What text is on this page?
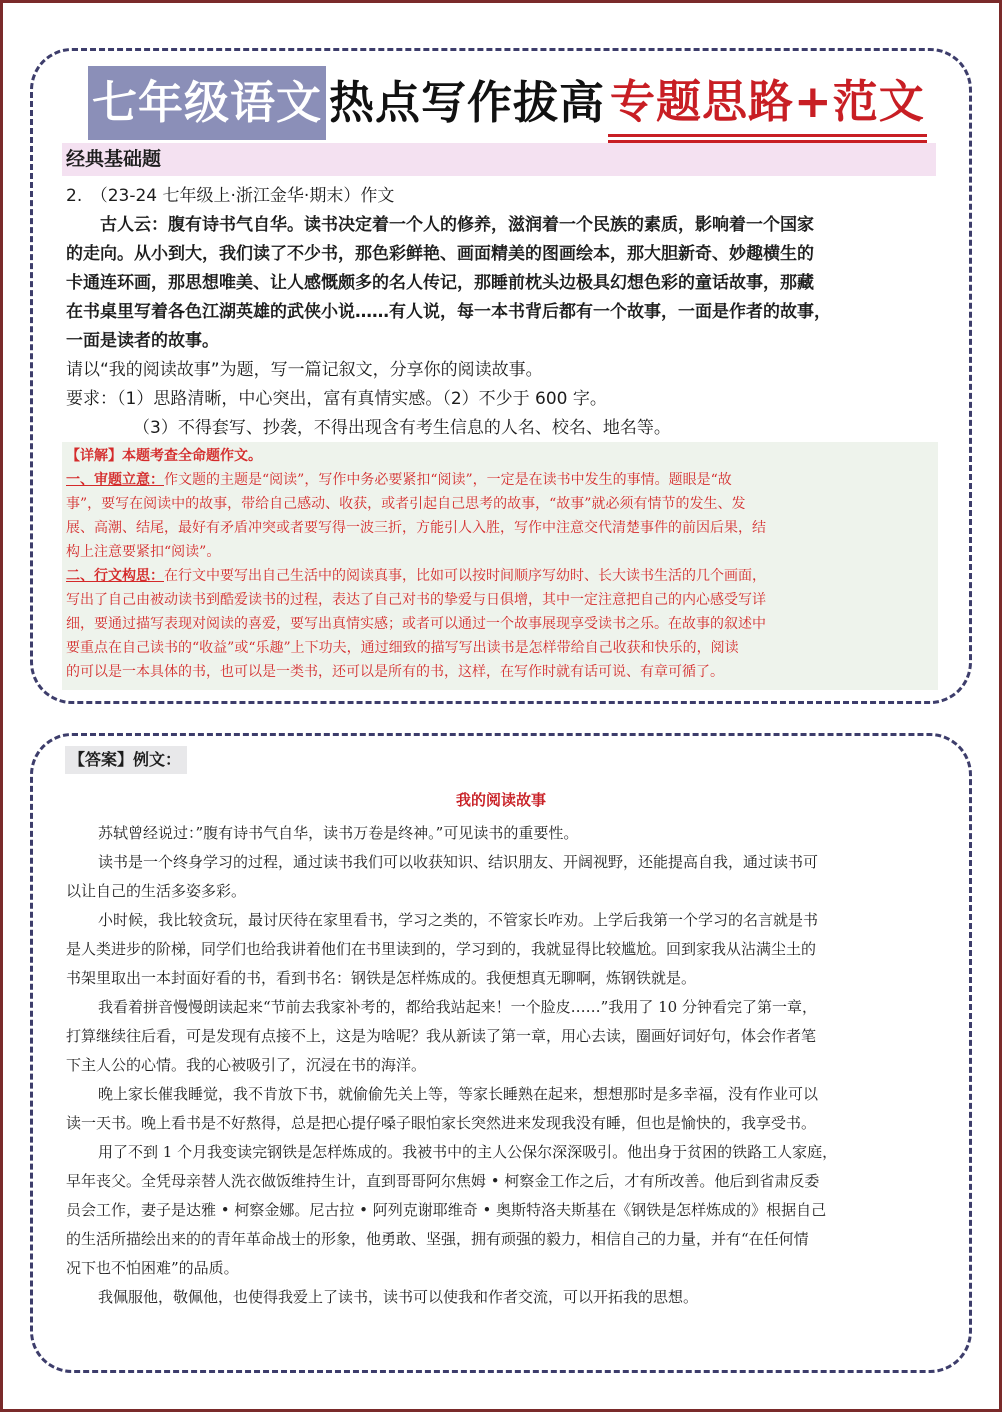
七年级语文 热点写作拔高 专题思路+范文
经典基础题
2.　（23-24 七年级上·浙江金华·期末）作文
古人云：腹有诗书气自华。读书决定着一个人的修养，滋润着一个民族的素质，影响着一个国家
的走向。从小到大，我们读了不少书，那色彩鲜艳、画面精美的图画绘本，那大胆新奇、妙趣横生的
卡通连环画，那思想唯美、让人感慨颇多的名人传记，那睡前枕头边极具幻想色彩的童话故事，那藏
在书桌里写着各色江湖英雄的武侠小说……有人说，每一本书背后都有一个故事，一面是作者的故事，
一面是读者的故事。
请以“我的阅读故事”为题，写一篇记叙文，分享你的阅读故事。
要求：（1）思路清晰，中心突出，富有真情实感。（2）不少于 600 字。
（3）不得套写、抄袭，不得出现含有考生信息的人名、校名、地名等。
【详解】本题考查全命题作文。
一、审题立意：作文题的主题是“阅读”，写作中务必要紧扣“阅读”，一定是在读书中发生的事情。题眼是“故
事”，要写在阅读中的故事，带给自己感动、收获，或者引起自己思考的故事，“故事”就必须有情节的发生、发
展、高潮、结尾，最好有矛盾冲突或者要写得一波三折，方能引人入胜，写作中注意交代清楚事件的前因后果，结
构上注意要紧扣“阅读”。
二、行文构思：在行文中要写出自己生活中的阅读真事，比如可以按时间顺序写幼时、长大读书生活的几个画面，
写出了自己由被动读书到酷爱读书的过程，表达了自己对书的挚爱与日俱增，其中一定注意把自己的内心感受写详
细，要通过描写表现对阅读的喜爱，要写出真情实感；或者可以通过一个故事展现享受读书之乐。在故事的叙述中
要重点在自己读书的“收益”或“乐趣”上下功夫，通过细致的描写写出读书是怎样带给自己收获和快乐的，阅读
的可以是一本具体的书，也可以是一类书，还可以是所有的书，这样，在写作时就有话可说、有章可循了。
【答案】例文：
我的阅读故事
苏轼曾经说过：”腹有诗书气自华，读书万卷是终神。”可见读书的重要性。
读书是一个终身学习的过程，通过读书我们可以收获知识、结识朋友、开阔视野，还能提高自我，通过读书可
以让自己的生活多姿多彩。
小时候，我比较贪玩，最讨厌待在家里看书，学习之类的，不管家长咋劝。上学后我第一个学习的名言就是书
是人类进步的阶梯，同学们也给我讲着他们在书里读到的，学习到的，我就显得比较尴尬。回到家我从沾满尘土的
书架里取出一本封面好看的书，看到书名：钢铁是怎样炼成的。我便想真无聊啊，炼钢铁就是。
我看着拼音慢慢朗读起来“节前去我家补考的，都给我站起来！一个脸皮……”我用了 10 分钟看完了第一章，
打算继续往后看，可是发现有点接不上，这是为啥呢？我从新读了第一章，用心去读，圈画好词好句，体会作者笔
下主人公的心情。我的心被吸引了，沉浸在书的海洋。
晚上家长催我睡觉，我不肯放下书，就偷偷先关上等，等家长睡熟在起来，想想那时是多幸福，没有作业可以
读一天书。晚上看书是不好熬得，总是把心提仔嗓子眼怕家长突然进来发现我没有睡，但也是愉快的，我享受书。
用了不到 1 个月我变读完钢铁是怎样炼成的。我被书中的主人公保尔深深吸引。他出身于贫困的铁路工人家庭，
早年丧父。全凭母亲替人洗衣做饭维持生计，直到哥哥阿尔焦姆 • 柯察金工作之后，才有所改善。他后到省肃反委
员会工作，妻子是达雅 • 柯察金娜。尼古拉 • 阿列克谢耶维奇 • 奥斯特洛夫斯基在《钢铁是怎样炼成的》根据自己
的生活所描绘出来的的青年革命战士的形象，他勇敢、坚强，拥有顽强的毅力，相信自己的力量，并有“在任何情
况下也不怕困难”的品质。
我佩服他，敬佩他，也使得我爱上了读书，读书可以使我和作者交流，可以开拓我的思想。
